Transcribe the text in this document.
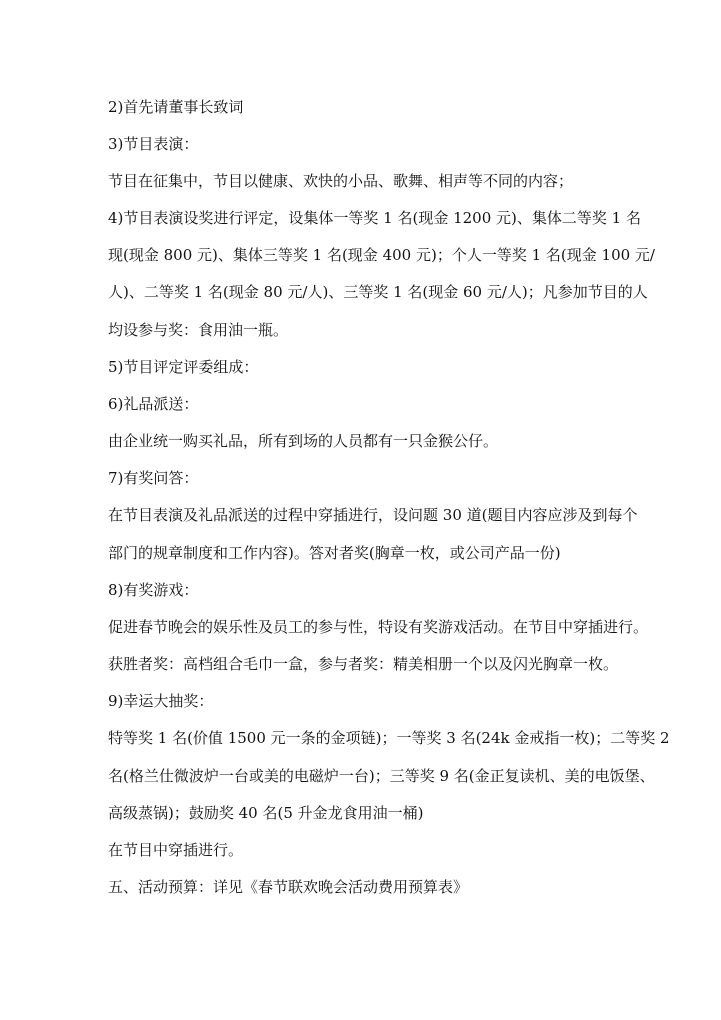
2)首先请董事长致词
3)节目表演：
节目在征集中，节目以健康、欢快的小品、歌舞、相声等不同的内容；
4)节目表演设奖进行评定，设集体一等奖 1 名(现金 1200 元)、集体二等奖 1 名
现(现金 800 元)、集体三等奖 1 名(现金 400 元)；个人一等奖 1 名(现金 100 元/
人)、二等奖 1 名(现金 80 元/人)、三等奖 1 名(现金 60 元/人)；凡参加节目的人
均设参与奖：食用油一瓶。
5)节目评定评委组成：
6)礼品派送：
由企业统一购买礼品，所有到场的人员都有一只金猴公仔。
7)有奖问答：
在节目表演及礼品派送的过程中穿插进行，设问题 30 道(题目内容应涉及到每个
部门的规章制度和工作内容)。答对者奖(胸章一枚，或公司产品一份)
8)有奖游戏：
促进春节晚会的娱乐性及员工的参与性，特设有奖游戏活动。在节目中穿插进行。
获胜者奖：高档组合毛巾一盒，参与者奖：精美相册一个以及闪光胸章一枚。
9)幸运大抽奖：
特等奖 1 名(价值 1500 元一条的金项链)；一等奖 3 名(24k 金戒指一枚)；二等奖 2
名(格兰仕微波炉一台或美的电磁炉一台)；三等奖 9 名(金正复读机、美的电饭堡、
高级蒸锅)；鼓励奖 40 名(5 升金龙食用油一桶)
在节目中穿插进行。
五、活动预算：详见《春节联欢晚会活动费用预算表》
